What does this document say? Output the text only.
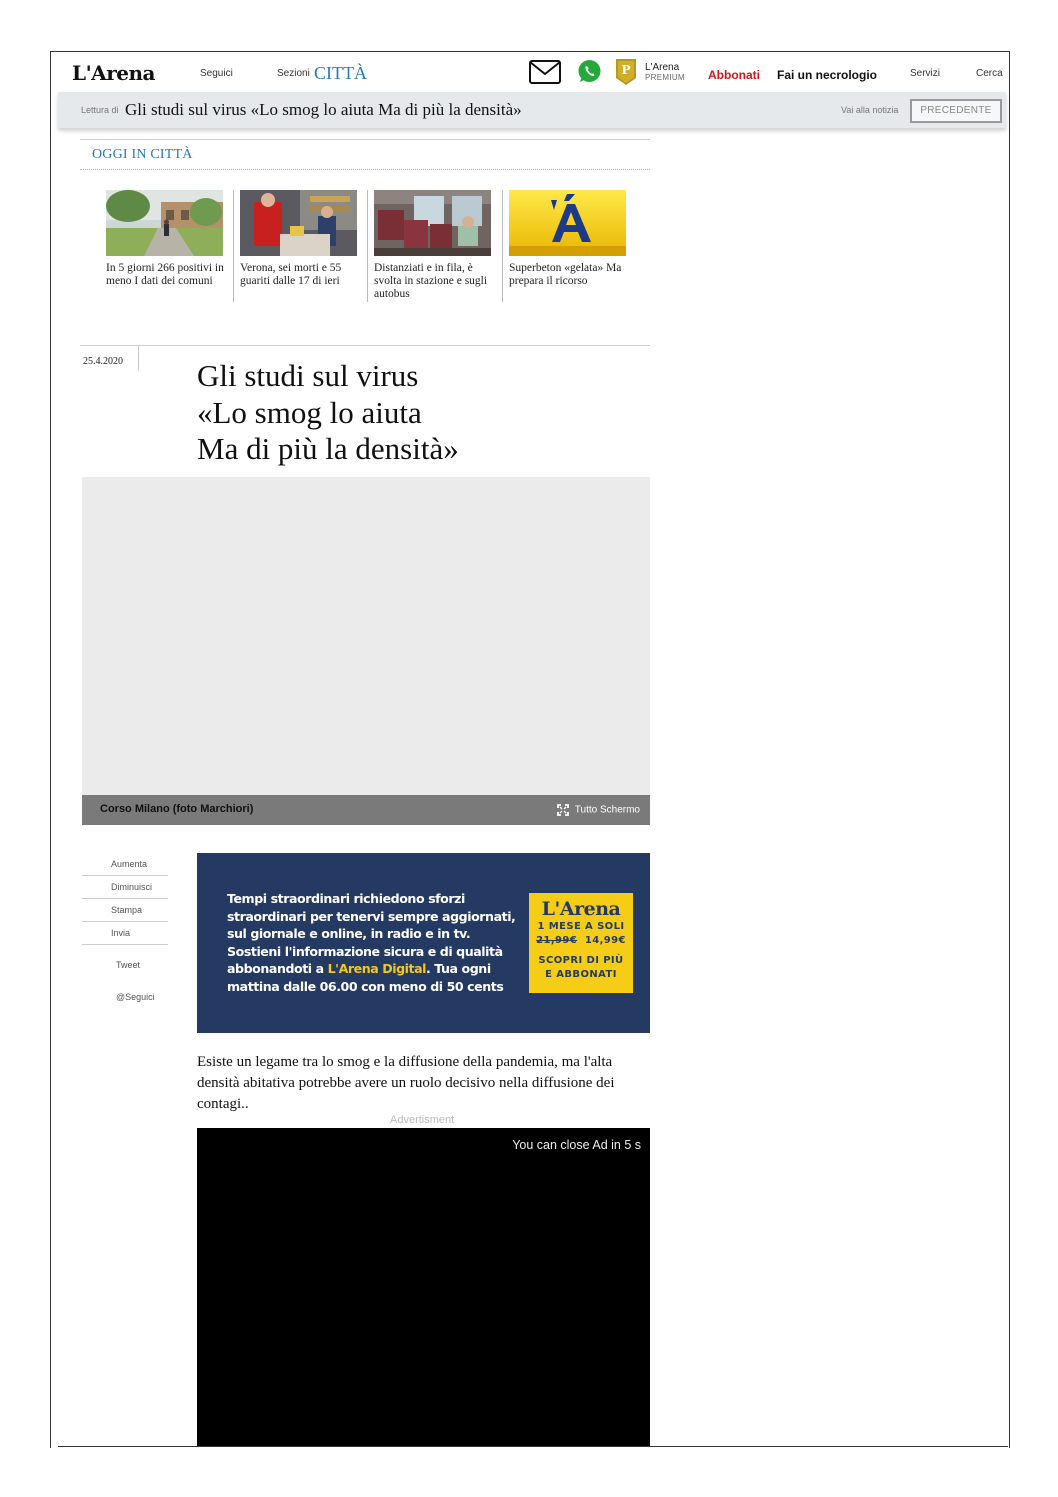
L'Arena	Seguici	Sezioni CITTÀ	P L'Arena
PREMIUM Abbonati Fai un necrologio	Servizi	Cerca
Lettura di Gli studi sul virus «Lo smog lo aiuta Ma di più la densità»	Vai alla notizia	PRECEDENTE
OGGI IN CITTÀ
In 5 giorni 266 positivi in meno I dati dei comuni
Verona, sei morti e 55 guariti dalle 17 di ieri
Distanziati e in fila, è svolta in stazione e sugli autobus
Superbeton «gelata» Ma prepara il ricorso
25.4.2020 Gli studi sul virus
«Lo smog lo aiuta
Ma di più la densità»
Corso Milano (foto Marchiori)	Tutto Schermo
Aumenta
Diminuisci
Stampa
Invia
Tweet
@Seguici
Tempi straordinari richiedono sforzi straordinari per tenervi sempre aggiornati, sul giornale e online, in radio e in tv. Sostieni l'informazione sicura e di qualità abbonandoti a L'Arena Digital. Tua ogni mattina dalle 06.00 con meno di 50 cents
L'Arena
1 MESE A SOLI
21,99€ 14,99€
SCOPRI DI PIÙ
E ABBONATI
Esiste un legame tra lo smog e la diffusione della pandemia, ma l'alta densità abitativa potrebbe avere un ruolo decisivo nella diffusione dei contagi..
Advertisment
You can close Ad in 5 s
